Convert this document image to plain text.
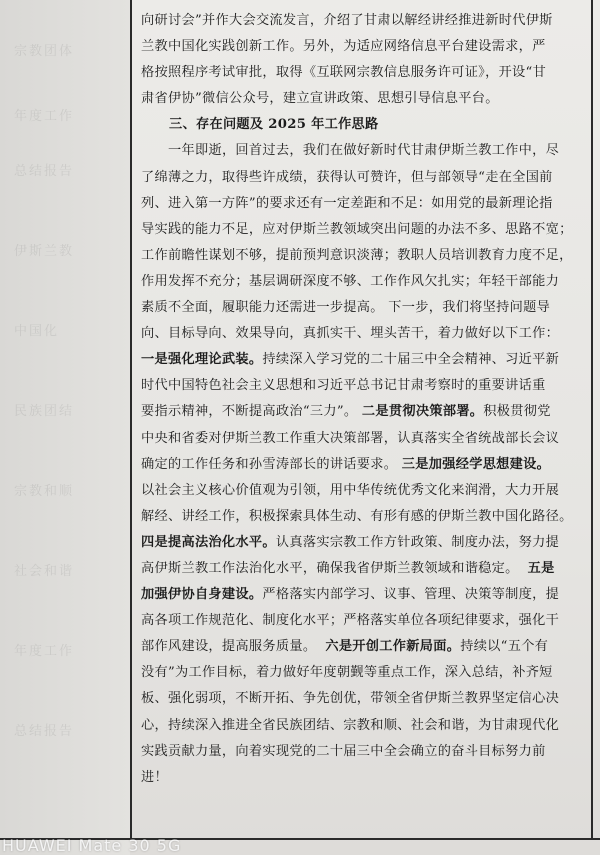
宗教团体
年度工作
总结报告
伊斯兰教
中国化
民族团结
宗教和顺
社会和谐
年度工作
总结报告
向研讨会”并作大会交流发言，介绍了甘肃以解经讲经推进新时代伊斯
兰教中国化实践创新工作。另外，为适应网络信息平台建设需求，严
格按照程序考试审批，取得《互联网宗教信息服务许可证》，开设“甘
肃省伊协”微信公众号，建立宣讲政策、思想引导信息平台。
三、存在问题及 2025 年工作思路
一年即逝，回首过去，我们在做好新时代甘肃伊斯兰教工作中，尽
了绵薄之力，取得些许成绩，获得认可赞许，但与部领导“走在全国前
列、进入第一方阵”的要求还有一定差距和不足：如用党的最新理论指
导实践的能力不足，应对伊斯兰教领域突出问题的办法不多、思路不宽；
工作前瞻性谋划不够，提前预判意识淡薄；教职人员培训教育力度不足，
作用发挥不充分；基层调研深度不够、工作作风欠扎实；年轻干部能力
素质不全面，履职能力还需进一步提高。 下一步，我们将坚持问题导
向、目标导向、效果导向，真抓实干、埋头苦干，着力做好以下工作：
一是强化理论武装。持续深入学习党的二十届三中全会精神、习近平新
时代中国特色社会主义思想和习近平总书记甘肃考察时的重要讲话重
要指示精神，不断提高政治“三力”。 二是贯彻决策部署。积极贯彻党
中央和省委对伊斯兰教工作重大决策部署，认真落实全省统战部长会议
确定的工作任务和孙雪涛部长的讲话要求。 三是加强经学思想建设。
以社会主义核心价值观为引领，用中华传统优秀文化来润滑，大力开展
解经、讲经工作，积极探索具体生动、有形有感的伊斯兰教中国化路径。
四是提高法治化水平。认真落实宗教工作方针政策、制度办法，努力提
高伊斯兰教工作法治化水平，确保我省伊斯兰教领域和谐稳定。 五是
加强伊协自身建设。严格落实内部学习、议事、管理、决策等制度，提
高各项工作规范化、制度化水平；严格落实单位各项纪律要求，强化干
部作风建设，提高服务质量。 六是开创工作新局面。持续以“五个有
没有”为工作目标，着力做好年度朝觐等重点工作，深入总结，补齐短
板、强化弱项，不断开拓、争先创优，带领全省伊斯兰教界坚定信心决
心，持续深入推进全省民族团结、宗教和顺、社会和谐，为甘肃现代化
实践贡献力量，向着实现党的二十届三中全会确立的奋斗目标努力前
进！
HUAWEI Mate 30 5G
